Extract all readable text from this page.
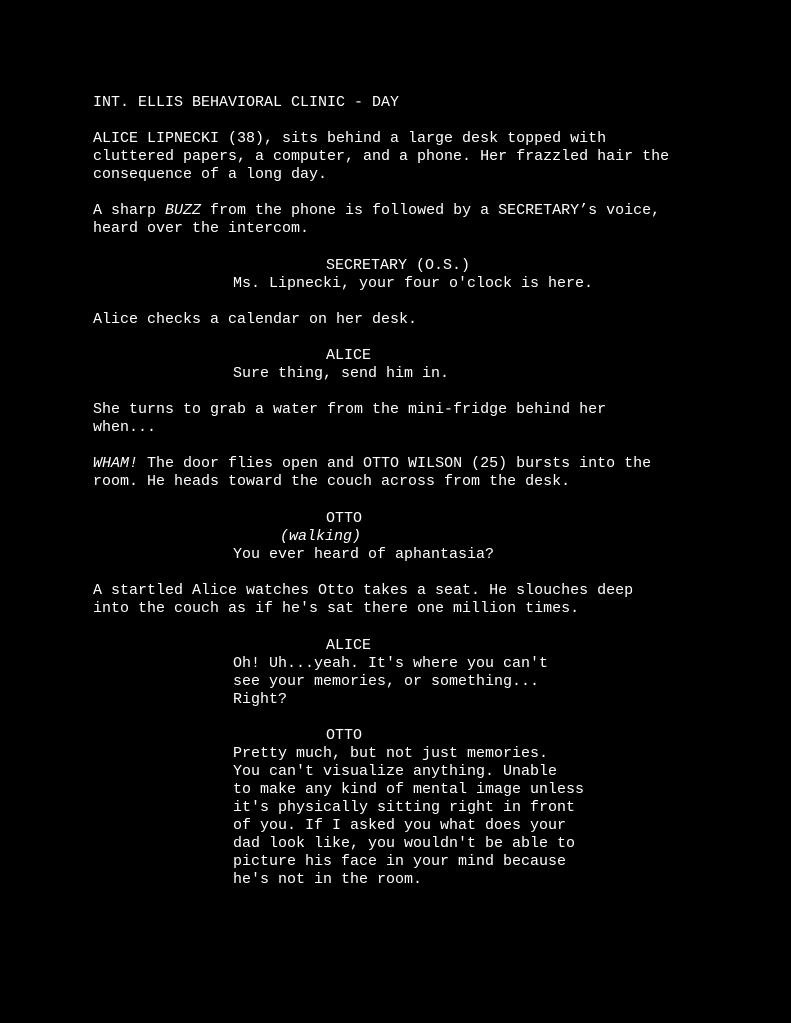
INT. ELLIS BEHAVIORAL CLINIC - DAY
ALICE LIPNECKI (38), sits behind a large desk topped with
cluttered papers, a computer, and a phone. Her frazzled hair the
consequence of a long day.
A sharp BUZZ from the phone is followed by a SECRETARY’s voice,
heard over the intercom.
SECRETARY (O.S.)
Ms. Lipnecki, your four o'clock is here.
Alice checks a calendar on her desk.
ALICE
Sure thing, send him in.
She turns to grab a water from the mini-fridge behind her
when...
WHAM! The door flies open and OTTO WILSON (25) bursts into the
room. He heads toward the couch across from the desk.
OTTO
(walking)
You ever heard of aphantasia?
A startled Alice watches Otto takes a seat. He slouches deep
into the couch as if he's sat there one million times.
ALICE
Oh! Uh...yeah. It's where you can't
see your memories, or something...
Right?
OTTO
Pretty much, but not just memories.
You can't visualize anything. Unable
to make any kind of mental image unless
it's physically sitting right in front
of you. If I asked you what does your
dad look like, you wouldn't be able to
picture his face in your mind because
he's not in the room.
